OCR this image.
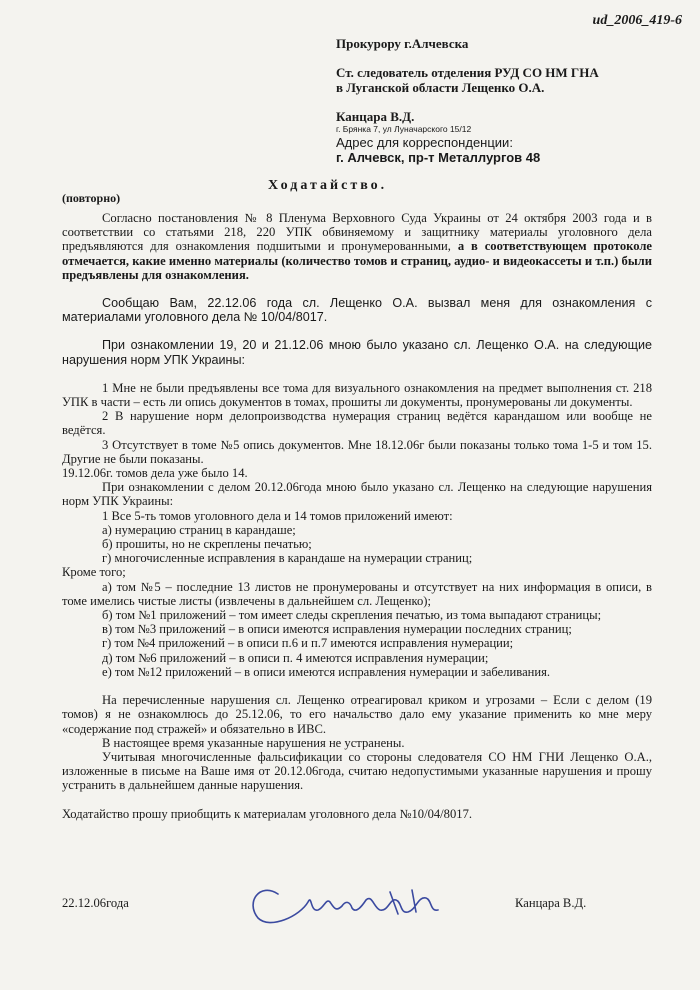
ud_2006_419-6
Прокурору г.Алчевска
Ст. следователь отделения РУД СО НМ ГНА
в Луганской области Лещенко О.А.
Канцара В.Д.
г. Брянка 7, ул Луначарского 15/12
Адрес для корреспонденции:
г. Алчевск, пр-т Металлургов 48
Ходатайство.
(повторно)

Согласно постановления № 8 Пленума Верховного Суда Украины от 24 октября 2003 года и в соответствии со статьями 218, 220 УПК обвиняемому и защитнику материалы уголовного дела предъявляются для ознакомления подшитыми и пронумерованными, а в соответствующем протоколе отмечается, какие именно материалы (количество томов и страниц, аудио- и видеокассеты и т.п.) были предъявлены для ознакомления.

Сообщаю Вам, 22.12.06 года сл. Лещенко О.А. вызвал меня для ознакомления с материалами уголовного дела № 10/04/8017.

При ознакомлении 19, 20 и 21.12.06 мною было указано сл. Лещенко О.А. на следующие нарушения норм УПК Украины:

1 Мне не были предъявлены все тома для визуального ознакомления на предмет выполнения ст. 218 УПК в части – есть ли опись документов в томах, прошиты ли документы, пронумерованы ли документы.

2 В нарушение норм делопроизводства нумерация страниц ведётся карандашом или вообще не ведётся.

3 Отсутствует в томе №5 опись документов. Мне 18.12.06г были показаны только тома 1-5 и том 15. Другие не были показаны.

19.12.06г. томов дела уже было 14.

При ознакомлении с делом 20.12.06года мною было указано сл. Лещенко на следующие нарушения норм УПК Украины:

1 Все 5-ть томов уголовного дела и 14 томов приложений имеют:

а) нумерацию страниц в карандаше;

б) прошиты, но не скреплены печатью;

г) многочисленные исправления в карандаше на нумерации страниц;

Кроме того;

а) том №5 – последние 13 листов не пронумерованы и отсутствует на них информация в описи, в томе имелись чистые листы (извлечены в дальнейшем сл. Лещенко);

б) том №1 приложений – том имеет следы скрепления печатью, из тома выпадают страницы;

в) том №3 приложений – в описи имеются исправления нумерации последних страниц;

г) том №4 приложений – в описи п.6 и п.7 имеются исправления нумерации;

д) том №6 приложений – в описи п. 4 имеются исправления нумерации;

е) том №12 приложений – в описи имеются исправления нумерации и забеливания.

На перечисленные нарушения сл. Лещенко отреагировал криком и угрозами – Если с делом (19 томов) я не ознакомлюсь до 25.12.06, то его начальство дало ему указание применить ко мне меру «содержание под стражей» и обязательно в ИВС.

В настоящее время указанные нарушения не устранены.

Учитывая многочисленные фальсификации со стороны следователя СО НМ ГНИ Лещенко О.А., изложенные в письме на Ваше имя от 20.12.06года, считаю недопустимыми указанные нарушения и прошу устранить в дальнейшем данные нарушения.

Ходатайство прошу приобщить к материалам уголовного дела №10/04/8017.

22.12.06года	Канцара В.Д.
